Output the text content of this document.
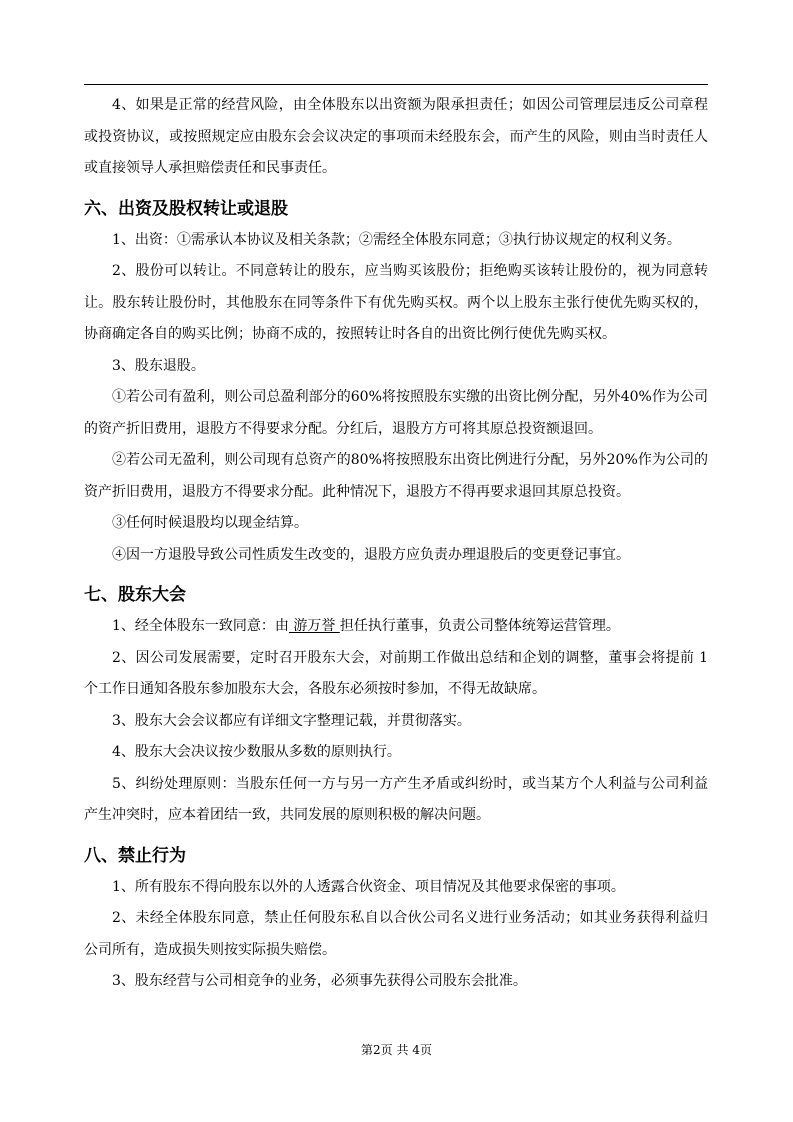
4、如果是正常的经营风险，由全体股东以出资额为限承担责任；如因公司管理层违反公司章程或投资协议，或按照规定应由股东会会议决定的事项而未经股东会，而产生的风险，则由当时责任人或直接领导人承担赔偿责任和民事责任。

六、出资及股权转让或退股

1、出资：①需承认本协议及相关条款；②需经全体股东同意；③执行协议规定的权利义务。

2、股份可以转让。不同意转让的股东，应当购买该股份；拒绝购买该转让股份的，视为同意转让。股东转让股份时，其他股东在同等条件下有优先购买权。两个以上股东主张行使优先购买权的，协商确定各自的购买比例；协商不成的，按照转让时各自的出资比例行使优先购买权。

3、股东退股。

①若公司有盈利，则公司总盈利部分的60%将按照股东实缴的出资比例分配，另外40%作为公司的资产折旧费用，退股方不得要求分配。分红后，退股方方可将其原总投资额退回。

②若公司无盈利，则公司现有总资产的80%将按照股东出资比例进行分配，另外20%作为公司的资产折旧费用，退股方不得要求分配。此种情况下，退股方不得再要求退回其原总投资。

③任何时候退股均以现金结算。

④因一方退股导致公司性质发生改变的，退股方应负责办理退股后的变更登记事宜。

七、股东大会

1、经全体股东一致同意：由 游万誉 担任执行董事，负责公司整体统筹运营管理。

2、因公司发展需要，定时召开股东大会，对前期工作做出总结和企划的调整，董事会将提前 1 个工作日通知各股东参加股东大会，各股东必须按时参加，不得无故缺席。

3、股东大会会议都应有详细文字整理记载，并贯彻落实。

4、股东大会决议按少数服从多数的原则执行。

5、纠纷处理原则：当股东任何一方与另一方产生矛盾或纠纷时，或当某方个人利益与公司利益产生冲突时，应本着团结一致，共同发展的原则积极的解决问题。

八、禁止行为

1、所有股东不得向股东以外的人透露合伙资金、项目情况及其他要求保密的事项。

2、未经全体股东同意，禁止任何股东私自以合伙公司名义进行业务活动；如其业务获得利益归公司所有，造成损失则按实际损失赔偿。

3、股东经营与公司相竞争的业务，必须事先获得公司股东会批准。

第2页 共 4页
